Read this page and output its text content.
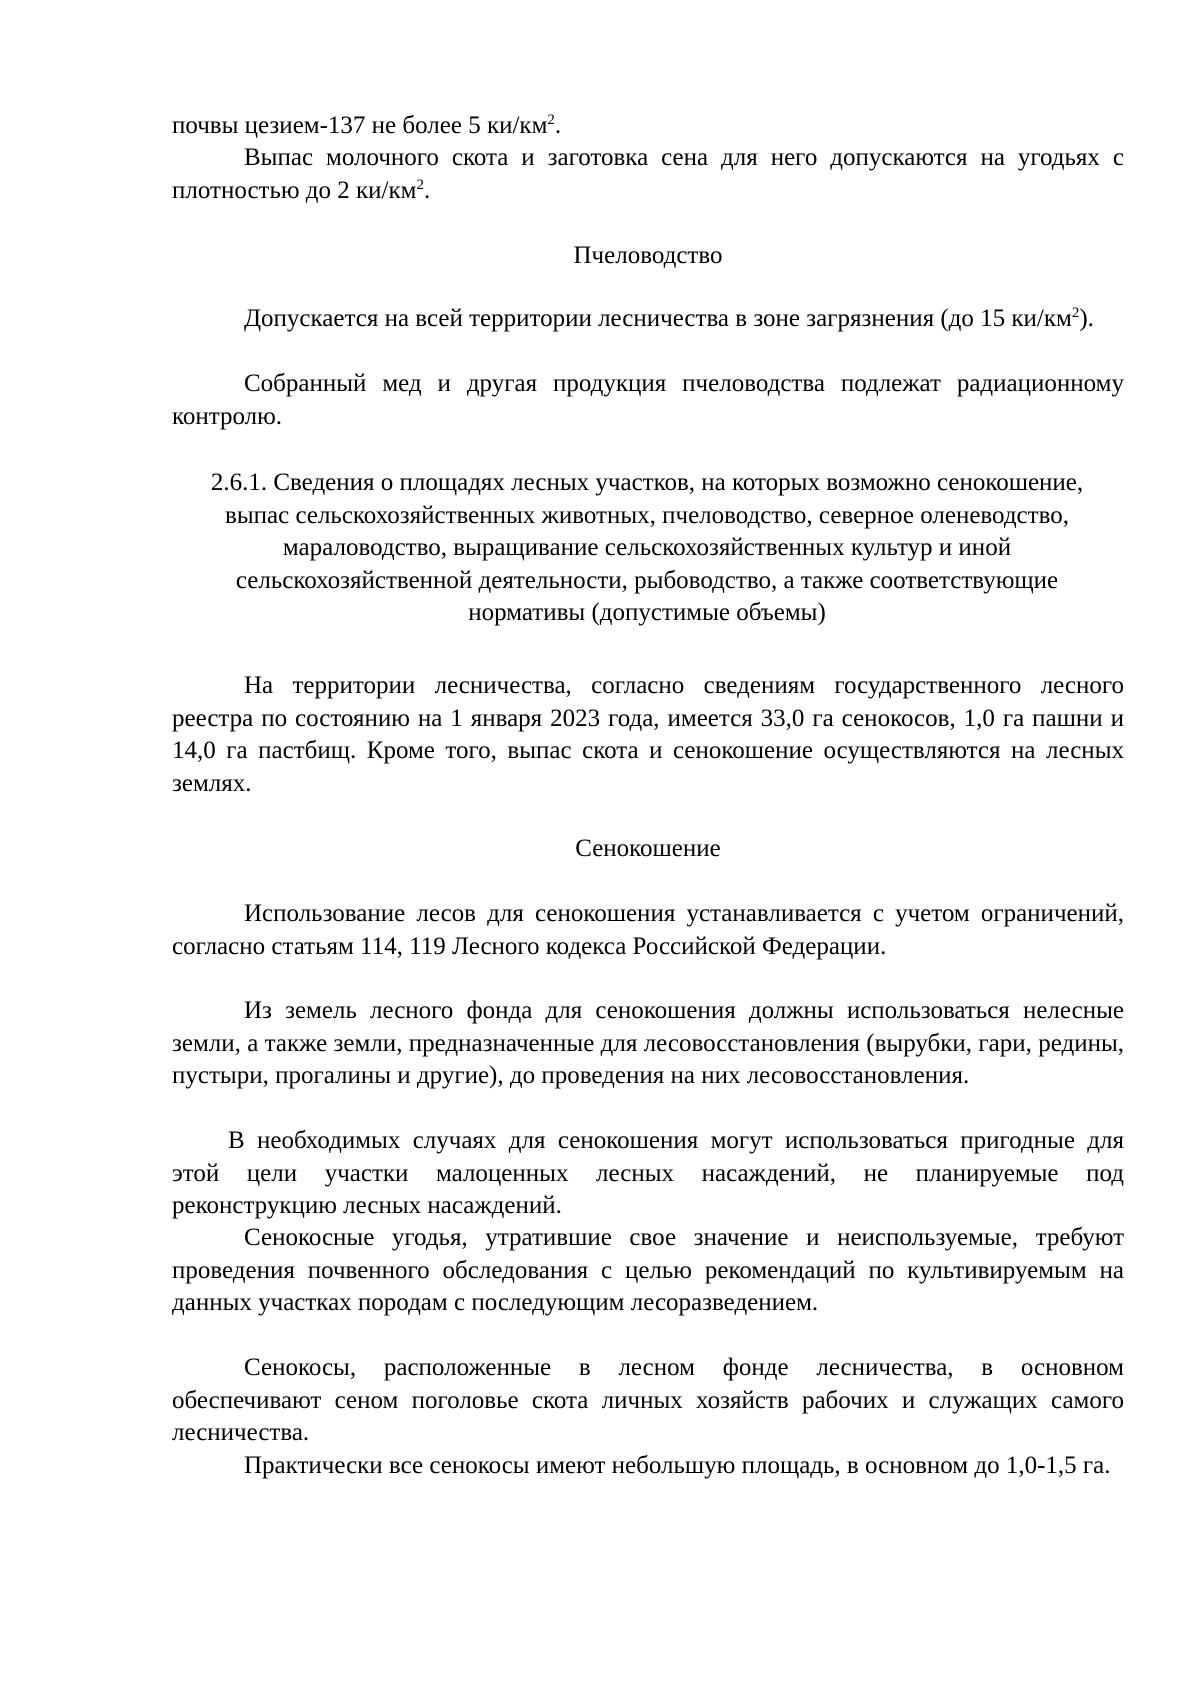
почвы цезием-137 не более 5 $ки/км^2$.

Выпас молочного скота и заготовка сена для него допускаются на угодьях с плотностью до 2 $ки/км^2$.

Пчеловодство

Допускается на всей территории лесничества в зоне загрязнения (до 15 $ки/км^2$).

Собранный мед и другая продукция пчеловодства подлежат радиационному контролю.

2.6.1. Сведения о площадях лесных участков, на которых возможно сенокошение, выпас сельскохозяйственных животных, пчеловодство, северное оленеводство, мараловодство, выращивание сельскохозяйственных культур и иной сельскохозяйственной деятельности, рыбоводство, а также соответствующие нормативы (допустимые объемы)

На территории лесничества, согласно сведениям государственного лесного реестра по состоянию на 1 января 2023 года, имеется 33,0 га сенокосов, 1,0 га пашни и 14,0 га пастбищ. Кроме того, выпас скота и сенокошение осуществляются на лесных землях.

Сенокошение

Использование лесов для сенокошения устанавливается с учетом ограничений, согласно статьям 114, 119 Лесного кодекса Российской Федерации.

Из земель лесного фонда для сенокошения должны использоваться нелесные земли, а также земли, предназначенные для лесовосстановления (вырубки, гари, редины, пустыри, прогалины и другие), до проведения на них лесовосстановления.

В необходимых случаях для сенокошения могут использоваться пригодные для этой цели участки малоценных лесных насаждений, не планируемые под реконструкцию лесных насаждений.

Сенокосные угодья, утратившие свое значение и неиспользуемые, требуют проведения почвенного обследования с целью рекомендаций по культивируемым на данных участках породам с последующим лесоразведением.

Сенокосы, расположенные в лесном фонде лесничества, в основном обеспечивают сеном поголовье скота личных хозяйств рабочих и служащих самого лесничества.

Практически все сенокосы имеют небольшую площадь, в основном до 1,0-1,5 га.
